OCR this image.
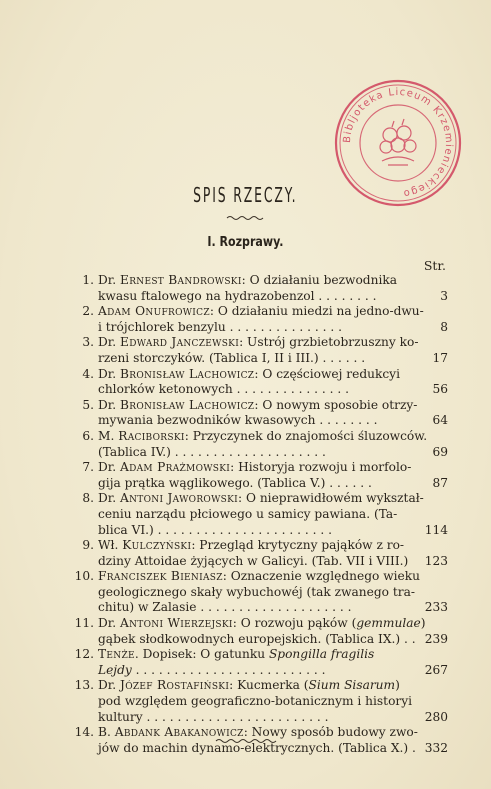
Bibljoteka Liceum Krzemienieckiego
SPIS RZECZY.
I. Rozprawy.
Str.
1. Dr. Ernest Bandrowski: O działaniu bezwodnika
kwasu ftalowego na hydrazobenzol . . . . . . . .	3
2. Adam Onufrowicz: O działaniu miedzi na jedno-dwu-
i trójchlorek benzylu . . . . . . . . . . . . . . .	8
3. Dr. Edward Janczewski: Ustrój grzbietobrzuszny ko-
rzeni storczyków. (Tablica I, II i III.) . . . . . .	17
4. Dr. Bronisław Lachowicz: O częściowej redukcyi
chlorków ketonowych . . . . . . . . . . . . . . .	56
5. Dr. Bronisław Lachowicz: O nowym sposobie otrzy-
mywania bezwodników kwasowych . . . . . . . .	64
6. M. Raciborski: Przyczynek do znajomości śluzowców.
(Tablica IV.) . . . . . . . . . . . . . . . . . . . .	69
7. Dr. Adam Prażmowski: Historyja rozwoju i morfolo-
gija prątka wąglikowego. (Tablica V.) . . . . . .	87
8. Dr. Antoni Jaworowski: O nieprawidłowém wykształ-
ceniu narządu płciowego u samicy pawiana. (Ta-
blica VI.) . . . . . . . . . . . . . . . . . . . . . . .	114
9. Wł. Kulczyński: Przegląd krytyczny pająków z ro-
dziny Attoidae żyjących w Galicyi. (Tab. VII i VIII.)	123
10. Franciszek Bieniasz: Oznaczenie względnego wieku
geologicznego skały wybuchowéj (tak zwanego tra-
chitu) w Zalasie . . . . . . . . . . . . . . . . . . . .	233
11. Dr. Antoni Wierzejski: O rozwoju pąków (gemmulae)
gąbek słodkowodnych europejskich. (Tablica IX.) . . 239
12. Tenże. Dopisek: O gatunku Spongilla fragilis
Lejdy . . . . . . . . . . . . . . . . . . . . . . . . .	267
13. Dr. Józef Rostafiński: Kucmerka (Sium Sisarum)
pod względem geograficzno-botanicznym i historyi
kultury . . . . . . . . . . . . . . . . . . . . . . . .	280
14. B. Abdank Abakanowicz: Nowy sposób budowy zwo-
jów do machin dynamo-elektrycznych. (Tablica X.) . 332
